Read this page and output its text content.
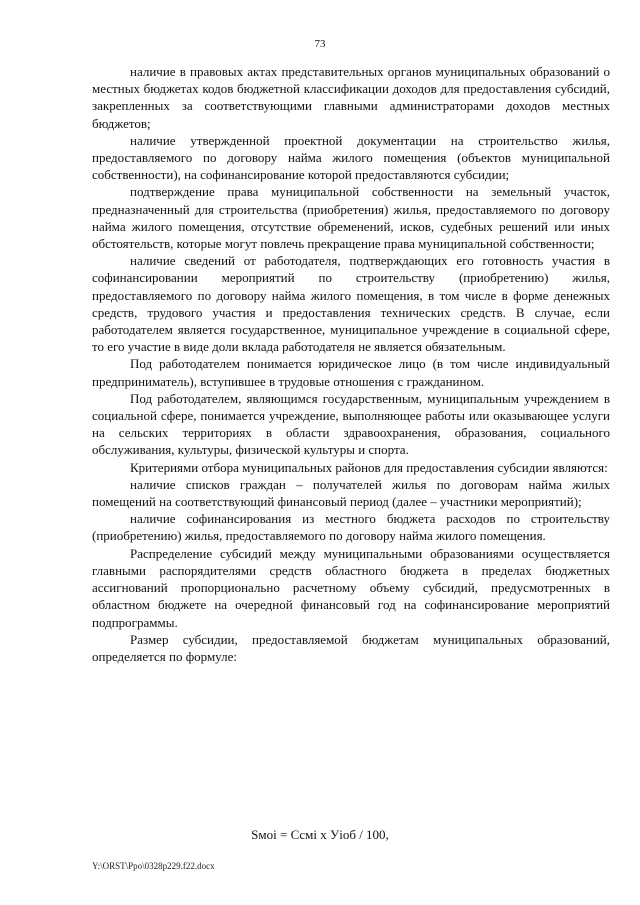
73

наличие в правовых актах представительных органов муниципальных образований о местных бюджетах кодов бюджетной классификации доходов для предоставления субсидий, закрепленных за соответствующими главными администраторами доходов местных бюджетов;

наличие утвержденной проектной документации на строительство жилья, предоставляемого по договору найма жилого помещения (объектов муниципальной собственности), на софинансирование которой предоставляются субсидии;

подтверждение права муниципальной собственности на земельный участок, предназначенный для строительства (приобретения) жилья, предоставляемого по договору найма жилого помещения, отсутствие обременений, исков, судебных решений или иных обстоятельств, которые могут повлечь прекращение права муниципальной собственности;

наличие сведений от работодателя, подтверждающих его готовность участия в софинансировании мероприятий по строительству (приобретению) жилья, предоставляемого по договору найма жилого помещения, в том числе в форме денежных средств, трудового участия и предоставления технических средств. В случае, если работодателем является государственное, муниципальное учреждение в социальной сфере, то его участие в виде доли вклада работодателя не является обязательным.

Под работодателем понимается юридическое лицо (в том числе индивидуальный предприниматель), вступившее в трудовые отношения с гражданином.

Под работодателем, являющимся государственным, муниципальным учреждением в социальной сфере, понимается учреждение, выполняющее работы или оказывающее услуги на сельских территориях в области здравоохранения, образования, социального обслуживания, культуры, физической культуры и спорта.

Критериями отбора муниципальных районов для предоставления субсидии являются:

наличие списков граждан – получателей жилья по договорам найма жилых помещений на соответствующий финансовый период (далее – участники мероприятий);

наличие софинансирования из местного бюджета расходов по строительству (приобретению) жилья, предоставляемого по договору найма жилого помещения.

Распределение субсидий между муниципальными образованиями осуществляется главными распорядителями средств областного бюджета в пределах бюджетных ассигнований пропорционально расчетному объему субсидий, предусмотренных в областном бюджете на очередной финансовый год на софинансирование мероприятий подпрограммы.

Размер субсидии, предоставляемой бюджетам муниципальных образований, определяется по формуле:

Sмоi = Ссмi х Уioб / 100,
Y:\ORST\Ppo\0328p229.f22.docx
